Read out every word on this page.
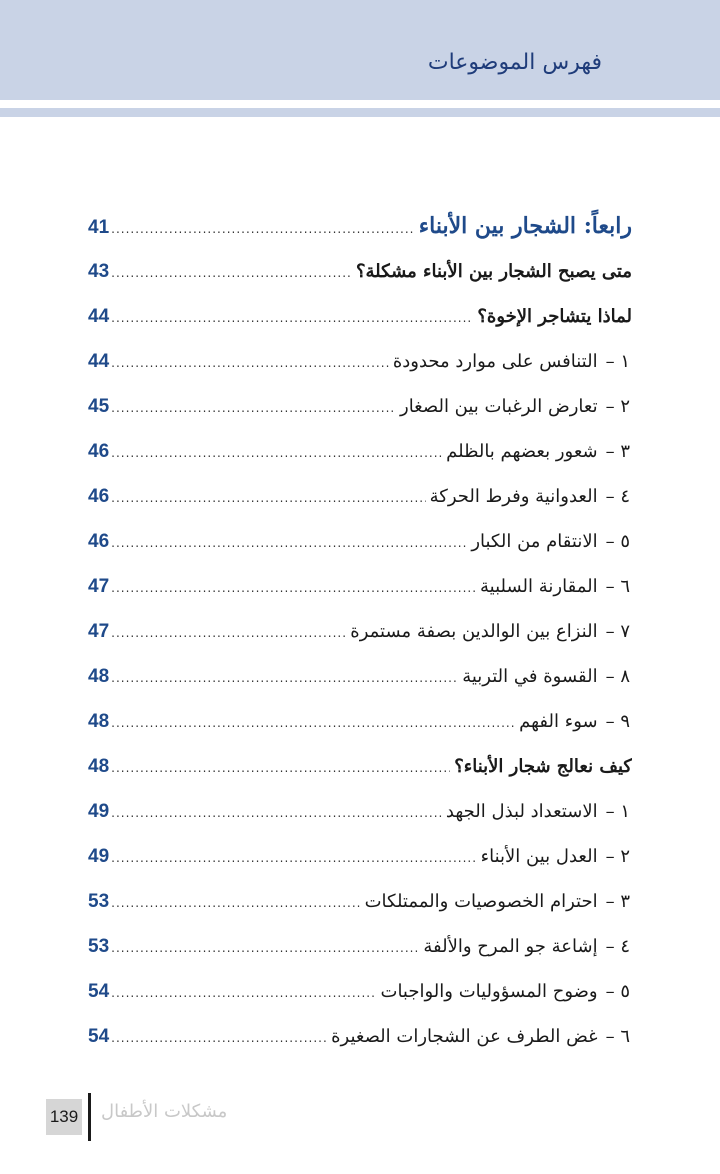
فهرس الموضوعات
رابعاً: الشجار بين الأبناء
.....
41
متى يصبح الشجار بين الأبناء مشكلة؟
.....
43
لماذا يتشاجر الإخوة؟
.....
44
١ –التنافس على موارد محدودة
.....
44
٢ –تعارض الرغبات بين الصغار
.....
45
٣ –شعور بعضهم بالظلم
.....
46
٤ –العدوانية وفرط الحركة
.....
46
٥ –الانتقام من الكبار
.....
46
٦ –المقارنة السلبية
.....
47
٧ –النزاع بين الوالدين بصفة مستمرة
.....
47
٨ –القسوة في التربية
.....
48
٩ –سوء الفهم
.....
48
كيف نعالج شجار الأبناء؟
.....
48
١ –الاستعداد لبذل الجهد
.....
49
٢ –العدل بين الأبناء
.....
49
٣ –احترام الخصوصيات والممتلكات
.....
53
٤ –إشاعة جو المرح والألفة
.....
53
٥ –وضوح المسؤوليات والواجبات
.....
54
٦ –غض الطرف عن الشجارات الصغيرة
.....
54
139 مشكلات الأطفال
